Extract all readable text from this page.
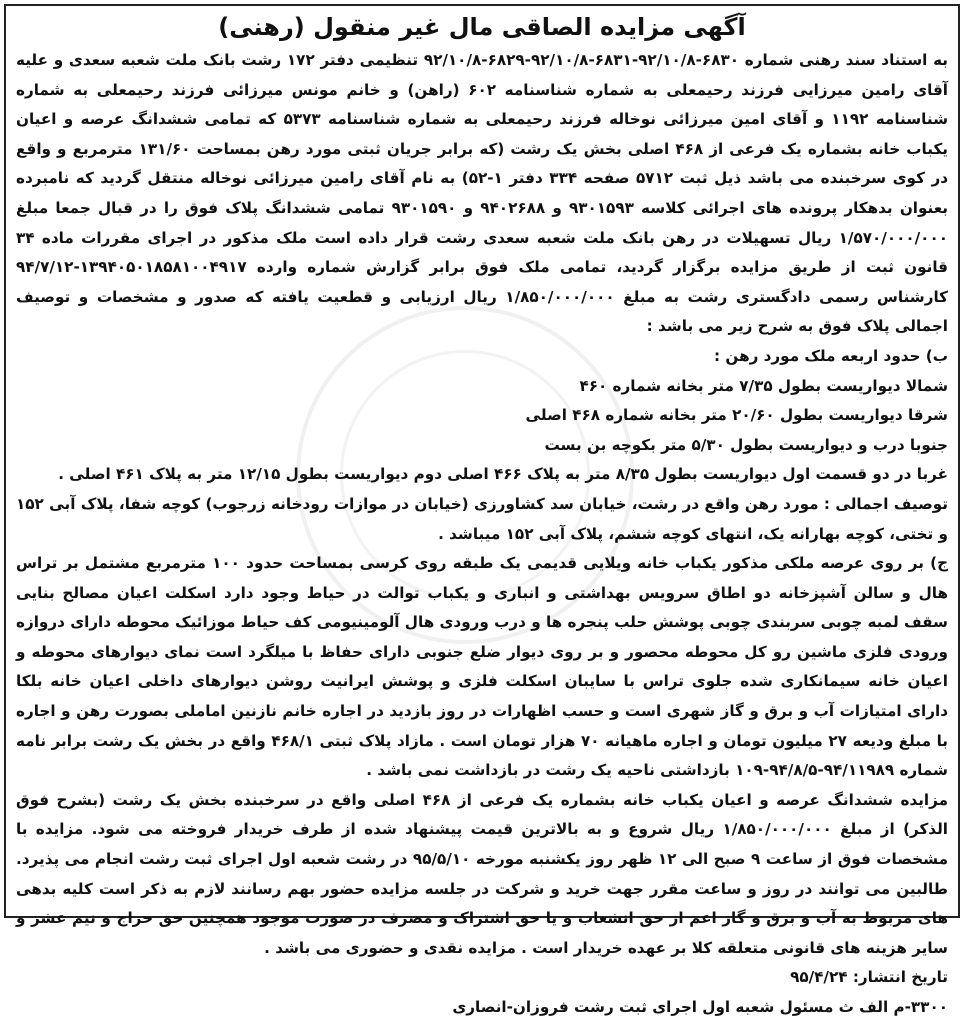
آگهی مزایده الصاقی مال غیر منقول (رهنی)

به استناد سند رهنی شماره ۶۸۳۰-۹۲/۱۰/۸-۶۸۳۱-۹۲/۱۰/۸-۶۸۲۹-۹۲/۱۰/۸ تنظیمی دفتر ۱۷۲ رشت بانک ملت شعبه سعدی و علیه آقای رامین میرزایی فرزند رحیمعلی به شماره شناسنامه ۶۰۲ (راهن) و خانم مونس میرزائی فرزند رحیمعلی به شماره شناسنامه ۱۱۹۲ و آقای امین میرزائی نوخاله فرزند رحیمعلی به شماره شناسنامه ۵۳۷۳ که تمامی ششدانگ عرصه و اعیان یکباب خانه بشماره یک فرعی از ۴۶۸ اصلی بخش یک رشت (که برابر جریان ثبتی مورد رهن بمساحت ۱۳۱/۶۰ مترمربع و واقع در کوی سرخبنده می باشد ذیل ثبت ۵۷۱۲ صفحه ۳۳۴ دفتر ۱-۵۲) به نام آقای رامین میرزائی نوخاله منتقل گردید که نامبرده بعنوان بدهکار پرونده های اجرائی کلاسه ۹۳۰۱۵۹۳ و ۹۴۰۲۶۸۸ و ۹۳۰۱۵۹۰ تمامی ششدانگ پلاک فوق را در قبال جمعا مبلغ ۱/۵۷۰/۰۰۰/۰۰۰ ریال تسهیلات در رهن بانک ملت شعبه سعدی رشت قرار داده است ملک مذکور در اجرای مقررات ماده ۳۴ قانون ثبت از طریق مزایده برگزار گردید، تمامی ملک فوق برابر گزارش شماره وارده ۱۳۹۴۰۵۰۱۸۵۸۱۰۰۴۹۱۷-۹۴/۷/۱۲ کارشناس رسمی دادگستری رشت به مبلغ ۱/۸۵۰/۰۰۰/۰۰۰ ریال ارزیابی و قطعیت یافته که صدور و مشخصات و توصیف اجمالی پلاک فوق به شرح زیر می باشد :

ب) حدود اربعه ملک مورد رهن :
شمالا دیواریست بطول ۷/۳۵ متر بخانه شماره ۴۶۰
شرقا دیواریست بطول ۲۰/۶۰ متر بخانه شماره ۴۶۸ اصلی
جنوبا درب و دیواریست بطول ۵/۳۰ متر بکوچه بن بست
غربا در دو قسمت اول دیواریست بطول ۸/۳۵ متر به پلاک ۴۶۶ اصلی دوم دیواریست بطول ۱۲/۱۵ متر به پلاک ۴۶۱ اصلی .

توصیف اجمالی : مورد رهن واقع در رشت، خیابان سد کشاورزی (خیابان در موازات رودخانه زرجوب) کوچه شفا، پلاک آبی ۱۵۲ و تختی، کوچه بهارانه یک، انتهای کوچه ششم، پلاک آبی ۱۵۲ میباشد .

ج) بر روی عرصه ملکی مذکور یکباب خانه ویلایی قدیمی یک طبقه روی کرسی بمساحت حدود ۱۰۰ مترمربع مشتمل بر تراس هال و سالن آشپزخانه دو اطاق سرویس بهداشتی و انباری و یکباب توالت در حیاط وجود دارد اسکلت اعیان مصالح بنایی سقف لمبه چوبی سربندی چوبی پوشش حلب پنجره ها و درب ورودی هال آلومینیومی کف حیاط موزائیک محوطه دارای دروازه ورودی فلزی ماشین رو کل محوطه محصور و بر روی دیوار ضلع جنوبی دارای حفاظ با میلگرد است نمای دیوارهای محوطه و اعیان خانه سیمانکاری شده جلوی تراس با سایبان اسکلت فلزی و پوشش ایرانیت روشن دیوارهای داخلی اعیان خانه بلکا دارای امتیازات آب و برق و گاز شهری است و حسب اظهارات در روز بازدید در اجاره خانم نازنین اماملی بصورت رهن و اجاره با مبلغ ودیعه ۲۷ میلیون تومان و اجاره ماهیانه ۷۰ هزار تومان است . مازاد پلاک ثبتی ۴۶۸/۱ واقع در بخش یک رشت برابر نامه شماره ۹۴/۱۱۹۸۹-۹۴/۸/۵-۱۰۹ بازداشتی ناحیه یک رشت در بازداشت نمی باشد .

مزایده ششدانگ عرصه و اعیان یکباب خانه بشماره یک فرعی از ۴۶۸ اصلی واقع در سرخبنده بخش یک رشت (بشرح فوق الذکر) از مبلغ ۱/۸۵۰/۰۰۰/۰۰۰ ریال شروع و به بالاترین قیمت پیشنهاد شده از طرف خریدار فروخته می شود. مزایده با مشخصات فوق از ساعت ۹ صبح الی ۱۲ ظهر روز یکشنبه مورخه ۹۵/۵/۱۰ در رشت شعبه اول اجرای ثبت رشت انجام می پذیرد. طالبین می توانند در روز و ساعت مقرر جهت خرید و شرکت در جلسه مزایده حضور بهم رسانند لازم به ذکر است کلیه بدهی های مربوط به آب و برق و گاز اعم از حق انشعاب و یا حق اشتراک و مصرف در صورت موجود همچنین حق حراج و نیم عشر و سایر هزینه های قانونی متعلقه کلا بر عهده خریدار است . مزایده نقدی و حضوری می باشد .

تاریخ انتشار: ۹۵/۴/۲۴
۳۳۰۰-م الف ث مسئول شعبه اول اجرای ثبت رشت فروزان-انصاری
